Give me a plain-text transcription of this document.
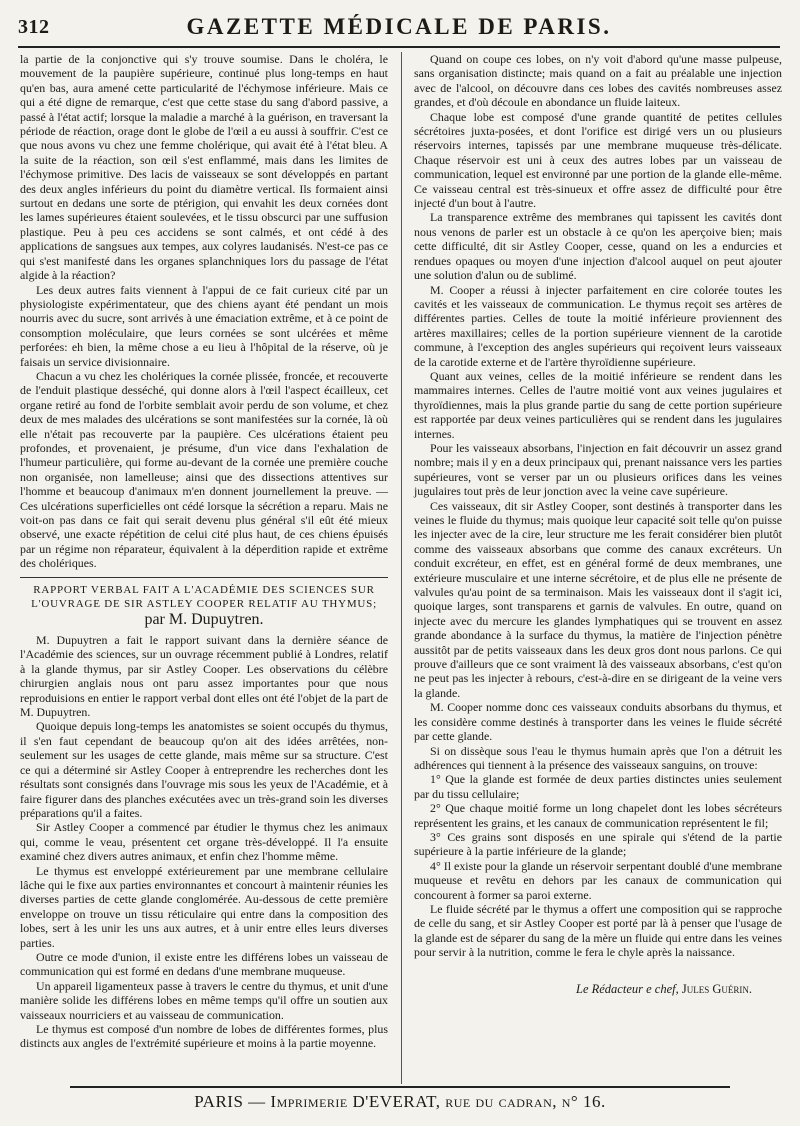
312	GAZETTE MÉDICALE DE PARIS.

la partie de la conjonctive qui s'y trouve soumise. Dans le choléra, le mouvement de la paupière supérieure, continué plus long-temps en haut qu'en bas, aura amené cette particularité de l'échymose inférieure. Mais ce qui a été digne de remarque, c'est que cette stase du sang d'abord passive, a passé à l'état actif; lorsque la maladie a marché à la guérison, en traversant la période de réaction, orage dont le globe de l'œil a eu aussi à souffrir. C'est ce que nous avons vu chez une femme cholérique, qui avait été à l'état bleu. A la suite de la réaction, son œil s'est enflammé, mais dans les limites de l'échymose primitive. Des lacis de vaisseaux se sont développés en partant des deux angles inférieurs du point du diamètre vertical. Ils formaient ainsi surtout en dedans une sorte de ptérigion, qui envahit les deux cornées dont les lames supérieures étaient soulevées, et le tissu obscurci par une suffusion plastique. Peu à peu ces accidens se sont calmés, et ont cédé à des applications de sangsues aux tempes, aux colyres laudanisés. N'est-ce pas ce qui s'est manifesté dans les organes splanchniques lors du passage de l'état algide à la réaction?

Les deux autres faits viennent à l'appui de ce fait curieux cité par un physiologiste expérimentateur, que des chiens ayant été pendant un mois nourris avec du sucre, sont arrivés à une émaciation extrême, et à ce point de consomption moléculaire, que leurs cornées se sont ulcérées et même perforées: eh bien, la même chose a eu lieu à l'hôpital de la réserve, où je faisais un service divisionnaire.

Chacun a vu chez les cholériques la cornée plissée, froncée, et recouverte de l'enduit plastique desséché, qui donne alors à l'œil l'aspect écailleux, cet organe retiré au fond de l'orbite semblait avoir perdu de son volume, et chez deux de mes malades des ulcérations se sont manifestées sur la cornée, là où elle n'était pas recouverte par la paupière. Ces ulcérations étaient peu profondes, et provenaient, je présume, d'un vice dans l'exhalation de l'humeur particulière, qui forme au-devant de la cornée une première couche non organisée, non lamelleuse; ainsi que des dissections attentives sur l'homme et beaucoup d'animaux m'en donnent journellement la preuve. — Ces ulcérations superficielles ont cédé lorsque la sécrétion a reparu. Mais ne voit-on pas dans ce fait qui serait devenu plus général s'il eût été mieux observé, une exacte répétition de celui cité plus haut, de ces chiens épuisés par un régime non réparateur, équivalent à la déperdition rapide et extrême des cholériques.

RAPPORT VERBAL FAIT A L'ACADÉMIE DES SCIENCES SUR L'OUVRAGE DE SIR ASTLEY COOPER RELATIF AU THYMUS;
par M. Dupuytren.

M. Dupuytren a fait le rapport suivant dans la dernière séance de l'Académie des sciences, sur un ouvrage récemment publié à Londres, relatif à la glande thymus, par sir Astley Cooper. Les observations du célèbre chirurgien anglais nous ont paru assez importantes pour que nous reproduisions en entier le rapport verbal dont elles ont été l'objet de la part de M. Dupuytren.

Quoique depuis long-temps les anatomistes se soient occupés du thymus, il s'en faut cependant de beaucoup qu'on ait des idées arrêtées, non-seulement sur les usages de cette glande, mais même sur sa structure. C'est ce qui a déterminé sir Astley Cooper à entreprendre les recherches dont les résultats sont consignés dans l'ouvrage mis sous les yeux de l'Académie, et à faire figurer dans des planches exécutées avec un très-grand soin les diverses préparations qu'il a faites.

Sir Astley Cooper a commencé par étudier le thymus chez les animaux qui, comme le veau, présentent cet organe très-développé. Il l'a ensuite examiné chez divers autres animaux, et enfin chez l'homme même.

Le thymus est enveloppé extérieurement par une membrane cellulaire lâche qui le fixe aux parties environnantes et concourt à maintenir réunies les diverses parties de cette glande conglomérée. Au-dessous de cette première enveloppe on trouve un tissu réticulaire qui entre dans la composition des lobes, sert à les unir les uns aux autres, et à unir entre elles leurs diverses parties.

Outre ce mode d'union, il existe entre les différens lobes un vaisseau de communication qui est formé en dedans d'une membrane muqueuse.

Un appareil ligamenteux passe à travers le centre du thymus, et unit d'une manière solide les différens lobes en même temps qu'il offre un soutien aux vaisseaux nourriciers et au vaisseau de communication.

Le thymus est composé d'un nombre de lobes de différentes formes, plus distincts aux angles de l'extrémité supérieure et moins à la partie moyenne.

Quand on coupe ces lobes, on n'y voit d'abord qu'une masse pulpeuse, sans organisation distincte; mais quand on a fait au préalable une injection avec de l'alcool, on découvre dans ces lobes des cavités nombreuses assez grandes, et d'où découle en abondance un fluide laiteux.

Chaque lobe est composé d'une grande quantité de petites cellules sécrétoires juxta-posées, et dont l'orifice est dirigé vers un ou plusieurs réservoirs internes, tapissés par une membrane muqueuse très-délicate. Chaque réservoir est uni à ceux des autres lobes par un vaisseau de communication, lequel est environné par une portion de la glande elle-même. Ce vaisseau central est très-sinueux et offre assez de difficulté pour être injecté d'un bout à l'autre.

La transparence extrême des membranes qui tapissent les cavités dont nous venons de parler est un obstacle à ce qu'on les aperçoive bien; mais cette difficulté, dit sir Astley Cooper, cesse, quand on les a endurcies et rendues opaques ou moyen d'une injection d'alcool auquel on peut ajouter une solution d'alun ou de sublimé.

M. Cooper a réussi à injecter parfaitement en cire colorée toutes les cavités et les vaisseaux de communication. Le thymus reçoit ses artères de différentes parties. Celles de toute la moitié inférieure proviennent des artères maxillaires; celles de la portion supérieure viennent de la carotide commune, à l'exception des angles supérieurs qui reçoivent leurs vaisseaux de la carotide externe et de l'artère thyroïdienne supérieure.

Quant aux veines, celles de la moitié inférieure se rendent dans les mammaires internes. Celles de l'autre moitié vont aux veines jugulaires et thyroïdiennes, mais la plus grande partie du sang de cette portion supérieure est rapportée par deux veines particulières qui se rendent dans les jugulaires internes.

Pour les vaisseaux absorbans, l'injection en fait découvrir un assez grand nombre; mais il y en a deux principaux qui, prenant naissance vers les parties supérieures, vont se verser par un ou plusieurs orifices dans les veines jugulaires tout près de leur jonction avec la veine cave supérieure.

Ces vaisseaux, dit sir Astley Cooper, sont destinés à transporter dans les veines le fluide du thymus; mais quoique leur capacité soit telle qu'on puisse les injecter avec de la cire, leur structure me les ferait considérer bien plutôt comme des vaisseaux absorbans que comme des canaux excréteurs. Un conduit excréteur, en effet, est en général formé de deux membranes, une extérieure musculaire et une interne sécrétoire, et de plus elle ne présente de valvules qu'au point de sa terminaison. Mais les vaisseaux dont il s'agit ici, quoique larges, sont transparens et garnis de valvules. En outre, quand on injecte avec du mercure les glandes lymphatiques qui se trouvent en assez grande abondance à la surface du thymus, la matière de l'injection pénètre aussitôt par de petits vaisseaux dans les deux gros dont nous parlons. Ce qui prouve d'ailleurs que ce sont vraiment là des vaisseaux absorbans, c'est qu'on ne peut pas les injecter à rebours, c'est-à-dire en se dirigeant de la veine vers la glande.

M. Cooper nomme donc ces vaisseaux conduits absorbans du thymus, et les considère comme destinés à transporter dans les veines le fluide sécrété par cette glande.

Si on dissèque sous l'eau le thymus humain après que l'on a détruit les adhérences qui tiennent à la présence des vaisseaux sanguins, on trouve:

1° Que la glande est formée de deux parties distinctes unies seulement par du tissu cellulaire;

2° Que chaque moitié forme un long chapelet dont les lobes sécréteurs représentent les grains, et les canaux de communication représentent le fil;

3° Ces grains sont disposés en une spirale qui s'étend de la partie supérieure à la partie inférieure de la glande;

4° Il existe pour la glande un réservoir serpentant doublé d'une membrane muqueuse et revêtu en dehors par les canaux de communication qui concourent à former sa paroi externe.

Le fluide sécrété par le thymus a offert une composition qui se rapproche de celle du sang, et sir Astley Cooper est porté par là à penser que l'usage de la glande est de séparer du sang de la mère un fluide qui entre dans les veines pour servir à la nutrition, comme le fera le chyle après la naissance.

Le Rédacteur e chef, Jules Guérin.
PARIS — Imprimerie D'EVERAT, rue du cadran, n° 16.
